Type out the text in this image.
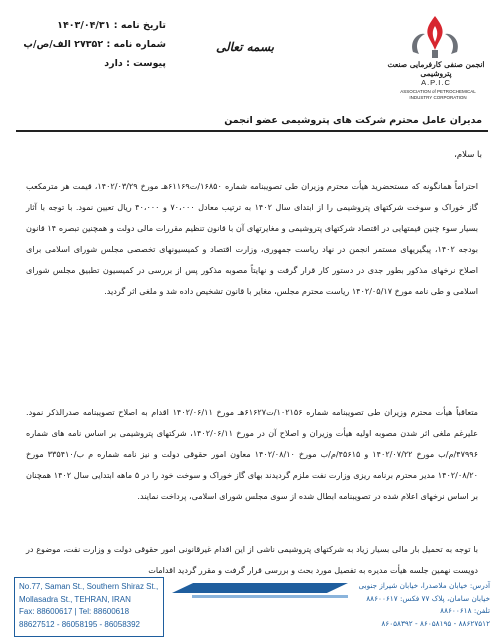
تاریخ نامه : ۱۴۰۳/۰۴/۳۱
شماره نامه : ۲۷۳۵۲ الف/ص/پ
پیوست : دارد
بسمه تعالی
انجمن صنفی کارفرمایی صنعت پتروشیمی
A.P.I.C
ASSOCIATION of PETROCHEMICAL
INDUSTRY CORPORATION
مدیران عامل محترم شرکت های پتروشیمی عضو انجمن
با سلام،
احتراماً همانگونه که مستحضرید هیأت محترم وزیران طی تصویبنامه شماره ۱۶۸۵۰/ت۶۱۱۶۹هـ مورخ ۱۴۰۲/۰۳/۲۹، قیمت هر مترمکعب گاز خوراک و سوخت شرکتهای پتروشیمی را از ابتدای سال ۱۴۰۲ به ترتیب معادل ۷۰،۰۰۰ و ۴۰،۰۰۰ ریال تعیین نمود. با توجه با آثار بسیار سوء چنین قیمتهایی در اقتصاد شرکتهای پتروشیمی و مغایرتهای آن با قانون تنظیم مقررات مالی دولت و همچنین تبصره ۱۴ قانون بودجه ۱۴۰۲، پیگیریهای مستمر انجمن در نهاد ریاست جمهوری، وزارت اقتصاد و کمیسیونهای تخصصی مجلس شورای اسلامی برای اصلاح نرخهای مذکور بطور جدی در دستور کار قرار گرفت و نهایتاً مصوبه مذکور پس از بررسی در کمیسیون تطبیق مجلس شورای اسلامی و طی نامه مورخ ۱۴۰۲/۰۵/۱۷ ریاست محترم مجلس، مغایر با قانون تشخیص داده شد و ملغی اثر گردید.
متعاقباً هیأت محترم وزیران طی تصویبنامه شماره ۱۰۲۱۵۶/ت۶۱۶۲۷هـ مورخ ۱۴۰۲/۰۶/۱۱ اقدام به اصلاح تصویبنامه صدرالذکر نمود. علیرغم ملغی اثر شدن مصوبه اولیه هیأت وزیران و اصلاح آن در مورخ ۱۴۰۲/۰۶/۱۱، شرکتهای پتروشیمی بر اساس نامه های شماره ۴۷۹۹۶/م/ب مورخ ۱۴۰۲/۰۷/۲۲ و ۴۵۶۱۵/م/ب مورخ ۱۴۰۲/۰۸/۱۰ معاون امور حقوقی دولت و نیز نامه شماره م ب/۳۳۵۴۱۰ مورخ ۱۴۰۲/۰۸/۲۰ مدیر محترم برنامه ریزی وزارت نفت ملزم گردیدند بهای گاز خوراک و سوخت خود را در ۵ ماهه ابتدایی سال ۱۴۰۲ همچنان بر اساس نرخهای اعلام شده در تصویبنامه ابطال شده از سوی مجلس شورای اسلامی، پرداخت نمایند.
با توجه به تحمیل بار مالی بسیار زیاد به شرکتهای پتروشیمی ناشی از این اقدام غیرقانونی امور حقوقی دولت و وزارت نفت، موضوع در دویست نهمین جلسه هیأت مدیره به تفصیل مورد بحث و بررسی قرار گرفت و مقرر گردید اقدامات
No.77, Saman St., Southern Shiraz St.,
Mollasadra St., TEHRAN, IRAN
Fax: 88600617 | Tel: 88600618
88627512 - 86058195 - 86058392
آدرس: خیابان ملاصدرا، خیابان شیراز جنوبی
خیابان سامان، پلاک ۷۷ فکس: ۸۸۶۰۰۶۱۷
تلفن: ۸۸۶۰۰۶۱۸
۸۸۶۲۷۵۱۲ - ۸۶۰۵۸۱۹۵ - ۸۶۰۵۸۳۹۲
